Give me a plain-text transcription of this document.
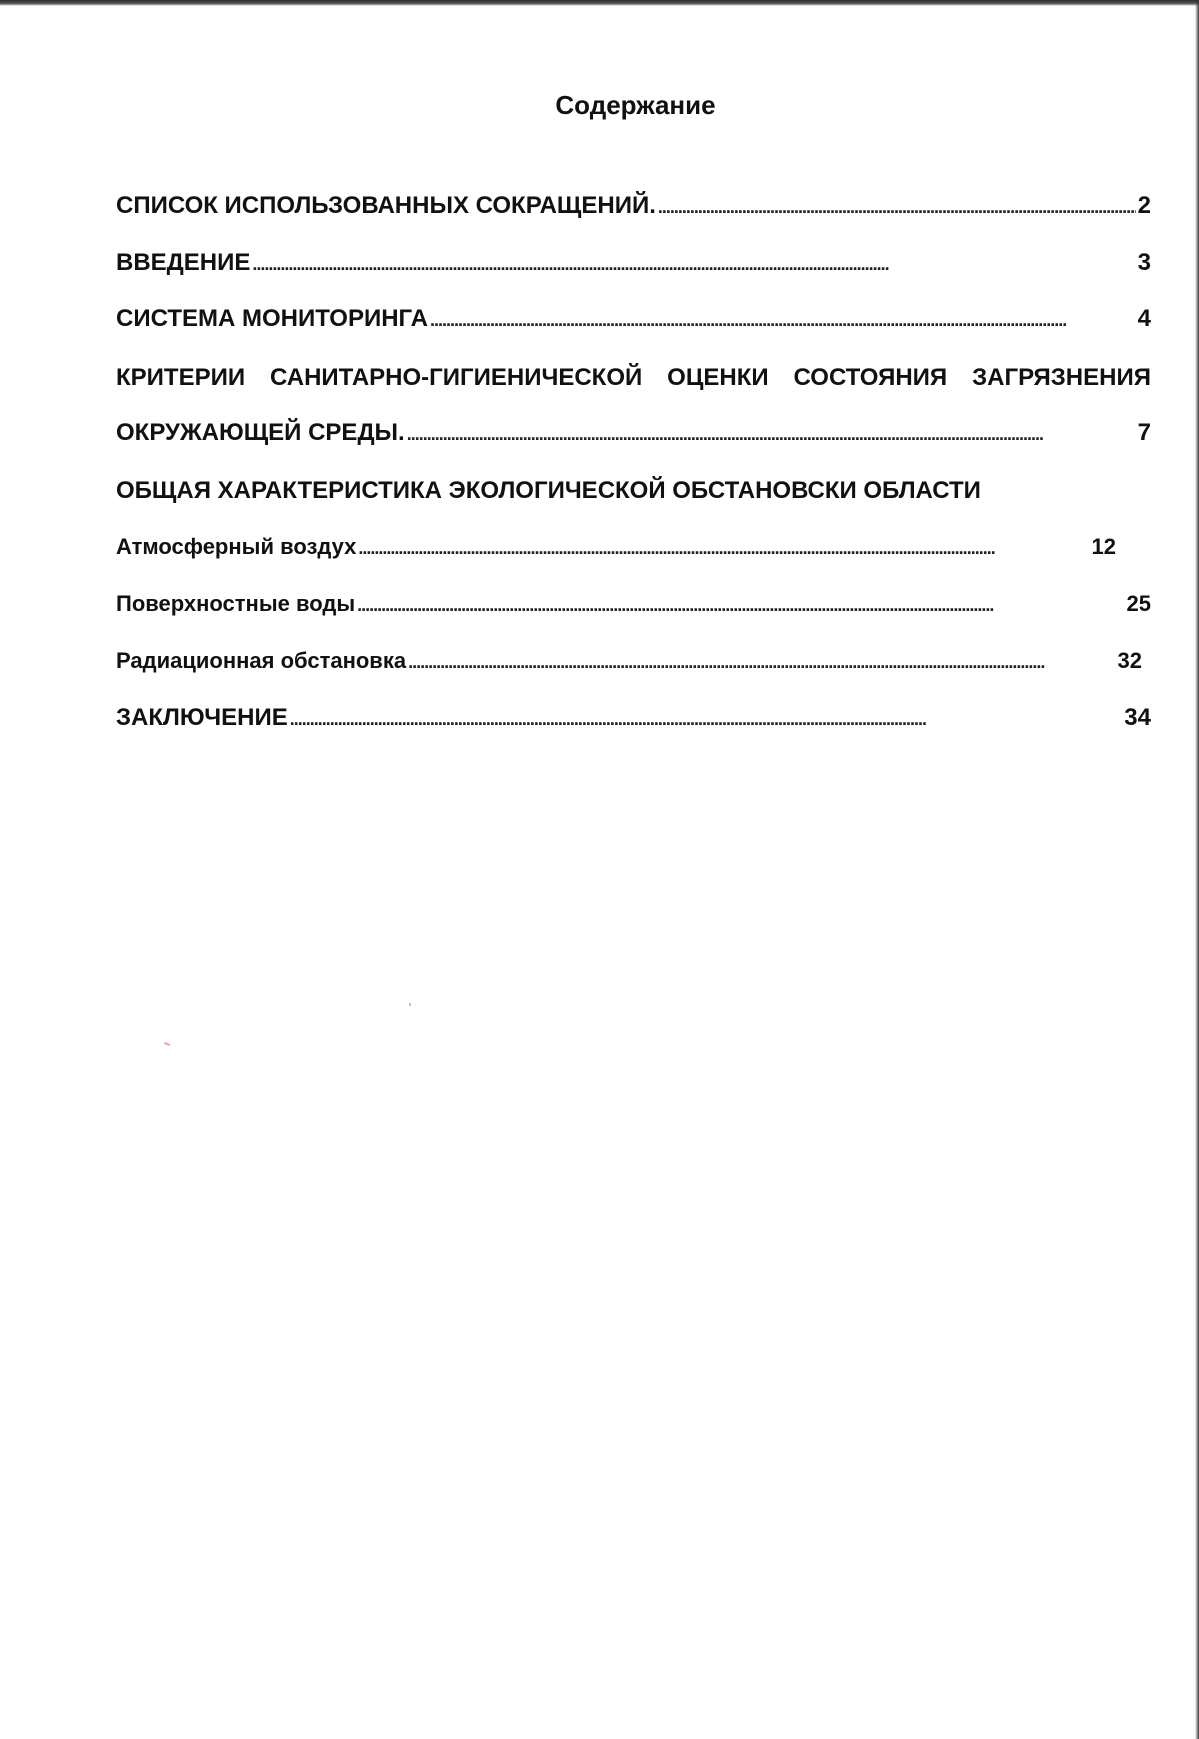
Содержание
СПИСОК ИСПОЛЬЗОВАННЫХ СОКРАЩЕНИЙ. . . .	2
ВВЕДЕНИЕ . . .	3
СИСТЕМА МОНИТОРИНГА . . .	4
КРИТЕРИИ САНИТАРНО-ГИГИЕНИЧЕСКОЙ ОЦЕНКИ СОСТОЯНИЯ ЗАГРЯЗНЕНИЯ
ОКРУЖАЮЩЕЙ СРЕДЫ. . . .	7
ОБЩАЯ ХАРАКТЕРИСТИКА ЭКОЛОГИЧЕСКОЙ ОБСТАНОВСКИ ОБЛАСТИ
Атмосферный воздух . . .	12
Поверхностные воды . . .	25
Радиационная обстановка . . .	32
ЗАКЛЮЧЕНИЕ . . .	34
